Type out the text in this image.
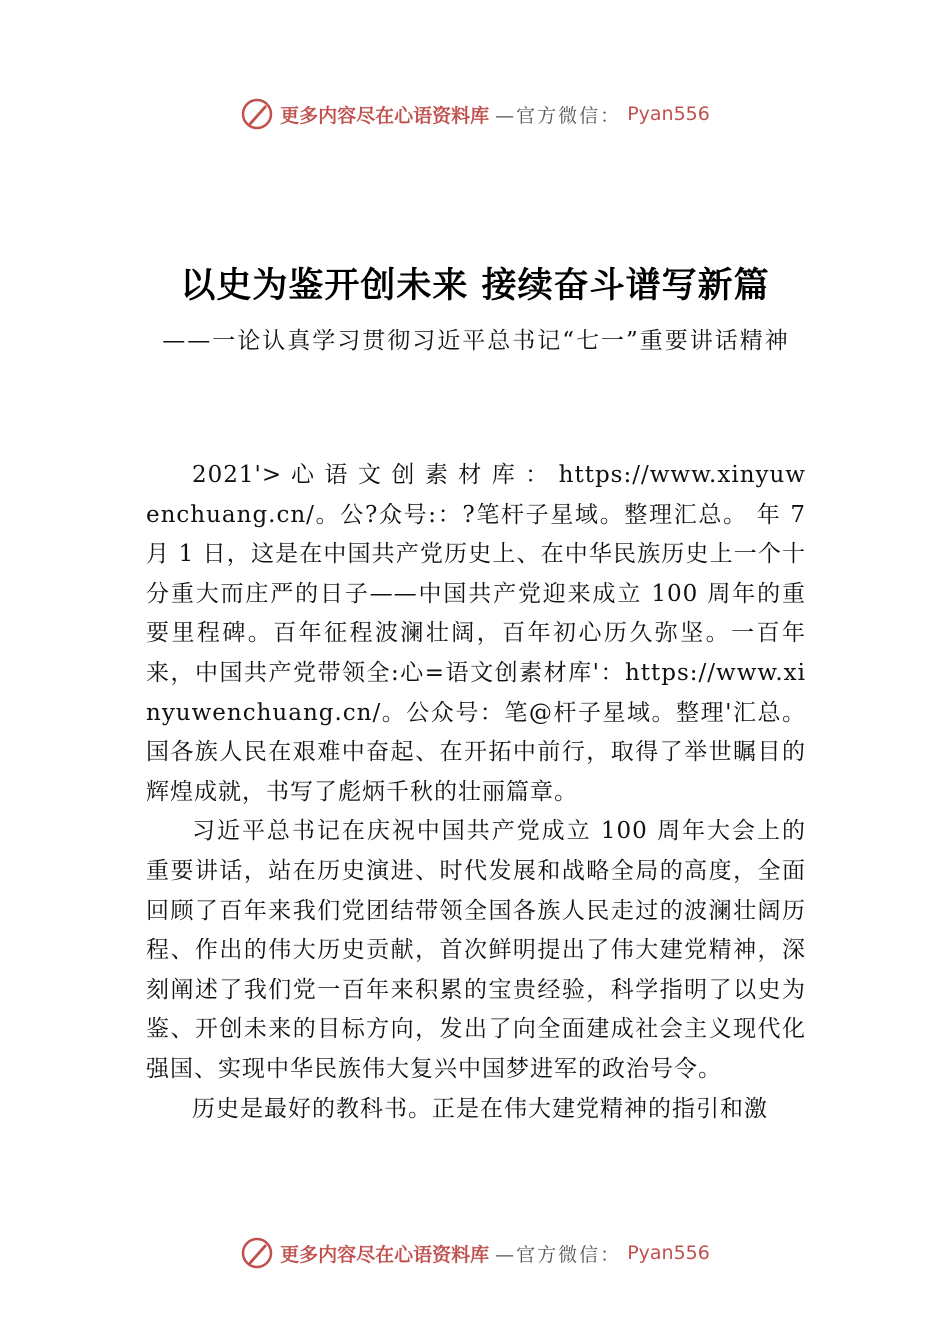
更多内容尽在心语资料库 —官方微信： Pyan556
以史为鉴开创未来 接续奋斗谱写新篇
——一论认真学习贯彻习近平总书记“七一”重要讲话精神

2021'> 心 语 文 创 素 材 库 ： https://www.xinyuwenchuang.cn/。公?众号:：?笔杆子星域。整理汇总。 年 7 月 1 日，这是在中国共产党历史上、在中华民族历史上一个十分重大而庄严的日子——中国共产党迎来成立 100 周年的重要里程碑。百年征程波澜壮阔，百年初心历久弥坚。一百年来，中国共产党带领全:心=语文创素材库'：https://www.xinyuwenchuang.cn/。公众号：笔@杆子星域。整理'汇总。国各族人民在艰难中奋起、在开拓中前行，取得了举世瞩目的辉煌成就，书写了彪炳千秋的壮丽篇章。

习近平总书记在庆祝中国共产党成立 100 周年大会上的重要讲话，站在历史演进、时代发展和战略全局的高度，全面回顾了百年来我们党团结带领全国各族人民走过的波澜壮阔历程、作出的伟大历史贡献，首次鲜明提出了伟大建党精神，深刻阐述了我们党一百年来积累的宝贵经验，科学指明了以史为鉴、开创未来的目标方向，发出了向全面建成社会主义现代化强国、实现中华民族伟大复兴中国梦进军的政治号令。

历史是最好的教科书。正是在伟大建党精神的指引和激

更多内容尽在心语资料库 —官方微信： Pyan556
